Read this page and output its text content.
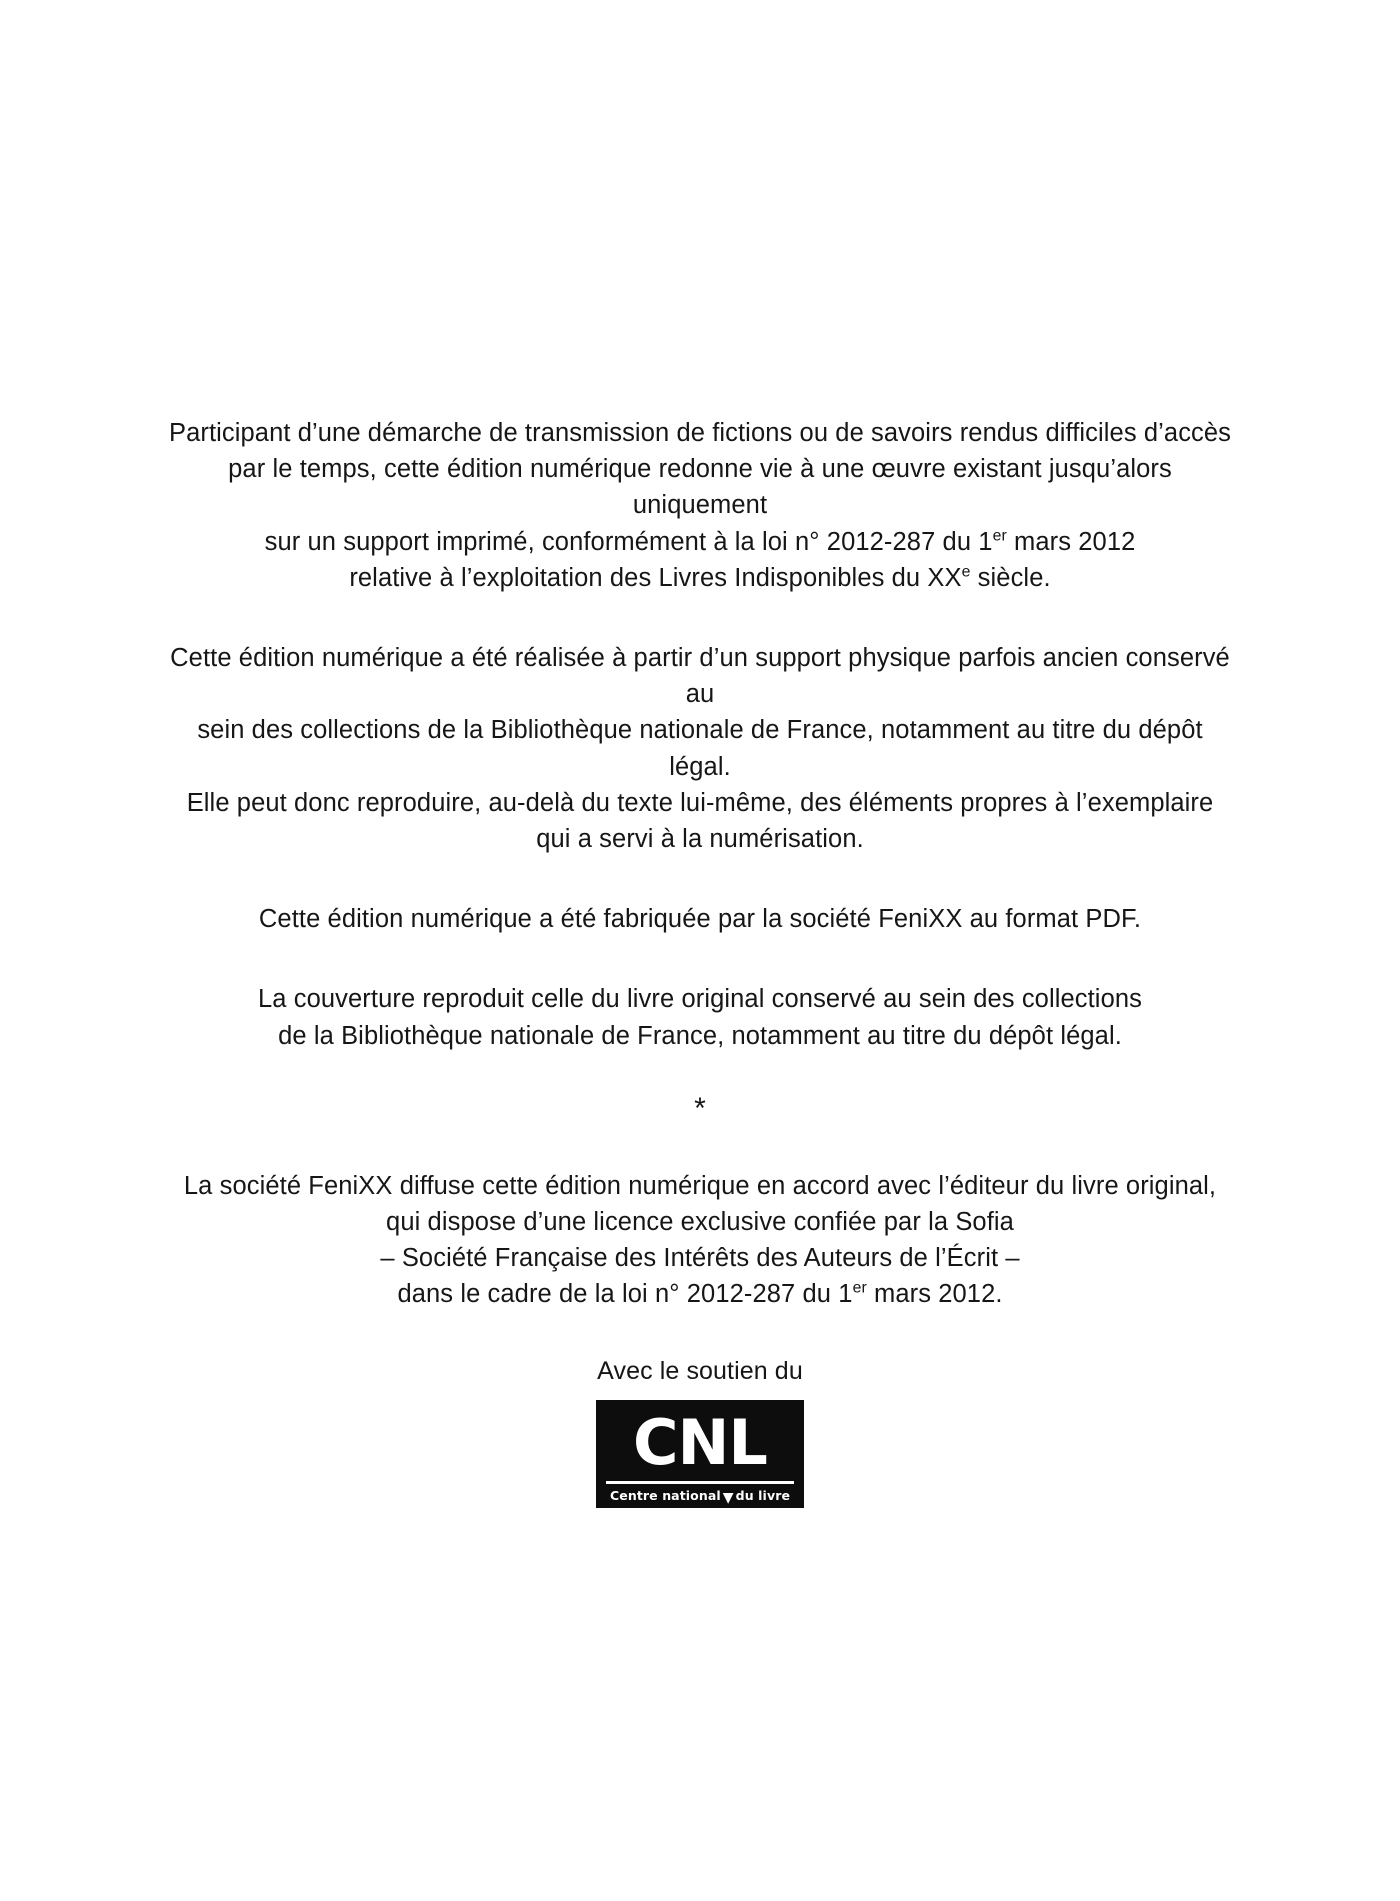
Participant d’une démarche de transmission de fictions ou de savoirs rendus difficiles d’accès
par le temps, cette édition numérique redonne vie à une œuvre existant jusqu’alors uniquement
sur un support imprimé, conformément à la loi n° 2012-287 du 1er mars 2012
relative à l’exploitation des Livres Indisponibles du XXe siècle.

Cette édition numérique a été réalisée à partir d’un support physique parfois ancien conservé au
sein des collections de la Bibliothèque nationale de France, notamment au titre du dépôt légal.
Elle peut donc reproduire, au-delà du texte lui-même, des éléments propres à l’exemplaire
qui a servi à la numérisation.

Cette édition numérique a été fabriquée par la société FeniXX au format PDF.

La couverture reproduit celle du livre original conservé au sein des collections
de la Bibliothèque nationale de France, notamment au titre du dépôt légal.

*

La société FeniXX diffuse cette édition numérique en accord avec l’éditeur du livre original,
qui dispose d’une licence exclusive confiée par la Sofia
– Société Française des Intérêts des Auteurs de l’Écrit –
dans le cadre de la loi n° 2012-287 du 1er mars 2012.

Avec le soutien du

CNL
Centre national ▼ du livre
